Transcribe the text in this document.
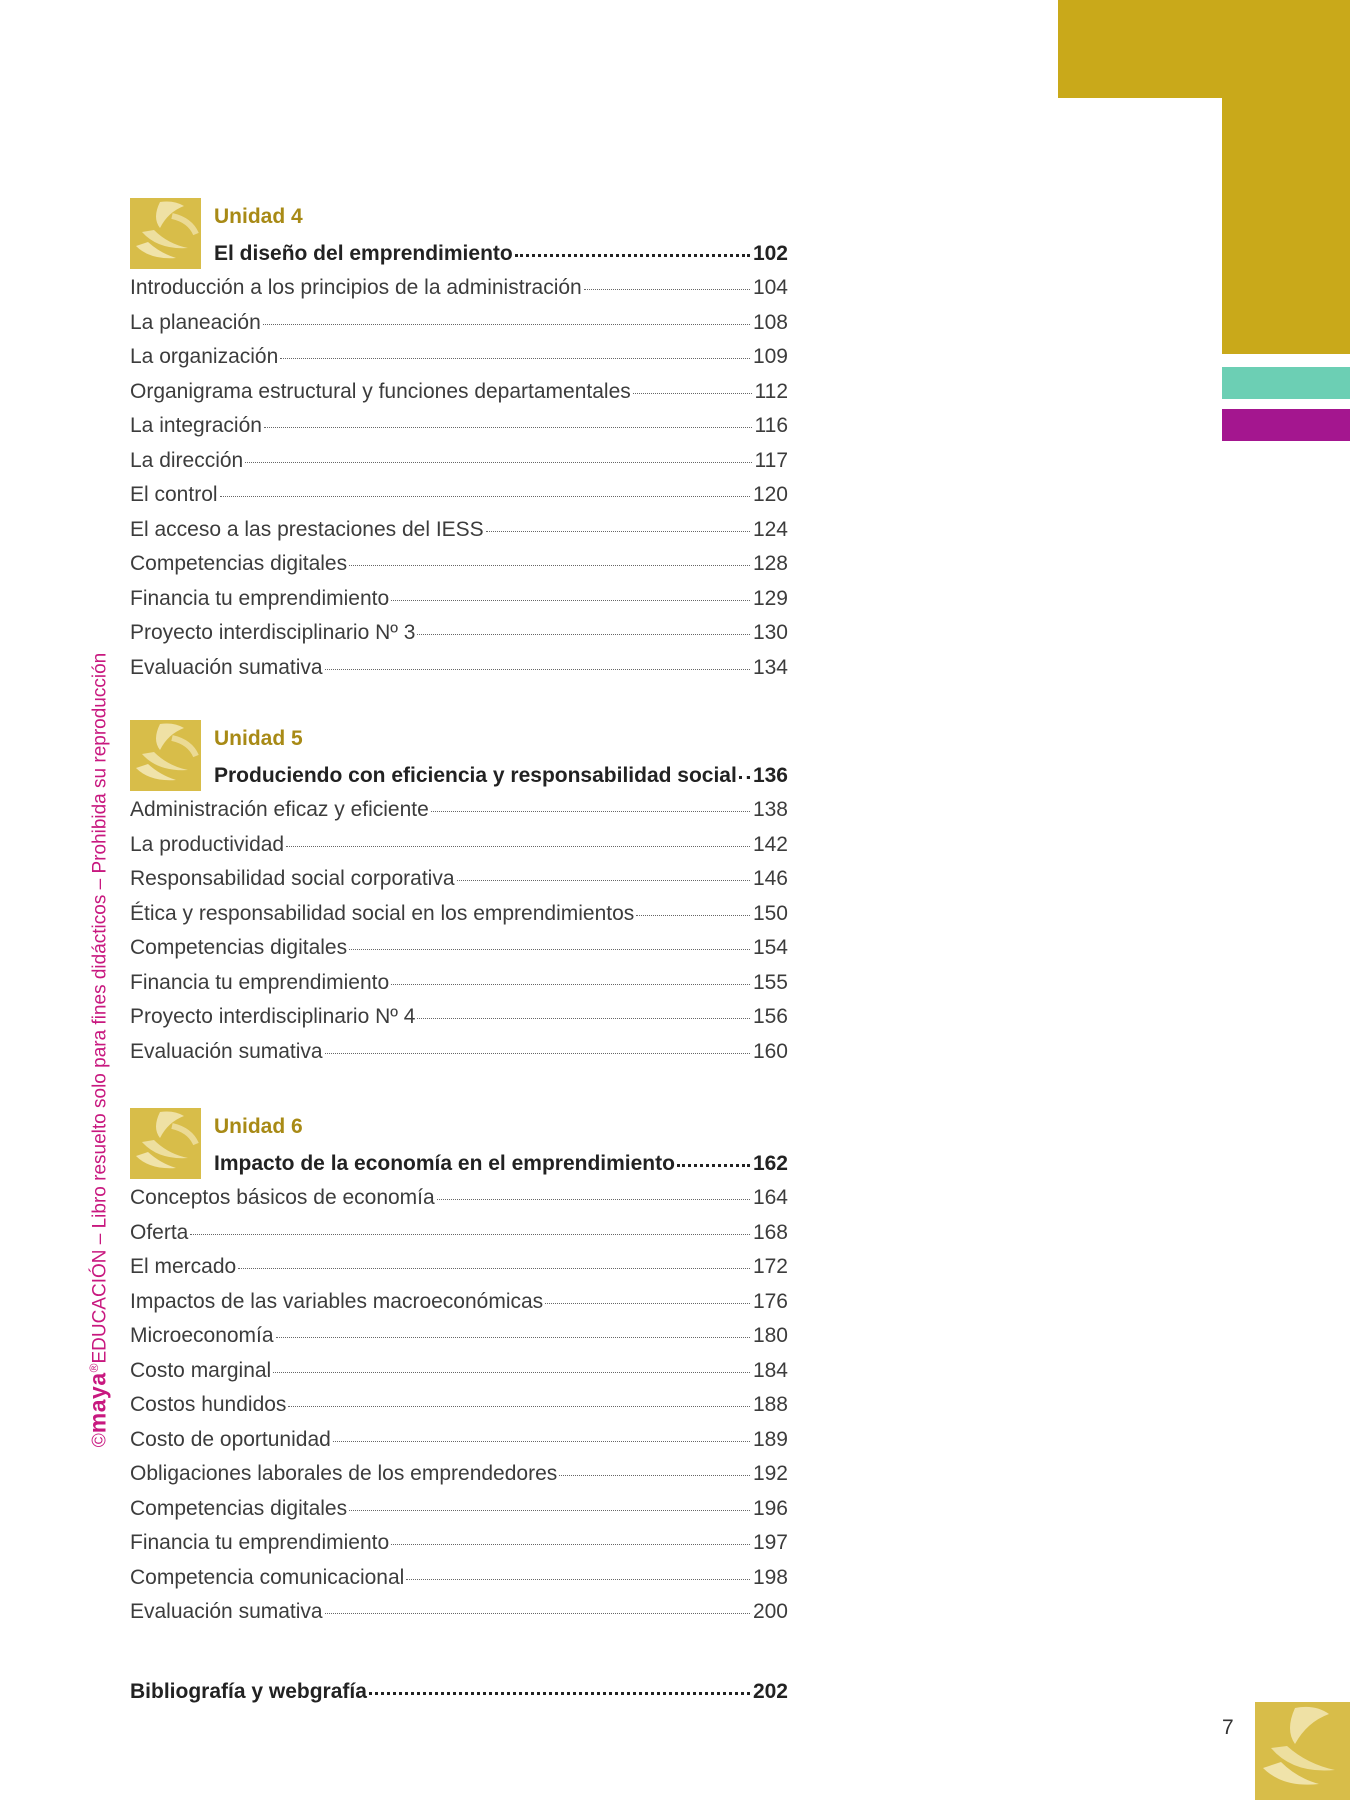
©maya®EDUCACIÓN – Libro resuelto solo para fines didácticos – Prohibida su reproducción
Unidad 4
El diseño del emprendimiento	102
Introducción a los principios de la administración	104
La planeación	108
La organización	109
Organigrama estructural y funciones departamentales	112
La integración	116
La dirección	117
El control	120
El acceso a las prestaciones del IESS	124
Competencias digitales	128
Financia tu emprendimiento	129
Proyecto interdisciplinario Nº 3	130
Evaluación sumativa	134
Unidad 5
Produciendo con eficiencia y responsabilidad social 136
Administración eficaz y eficiente	138
La productividad	142
Responsabilidad social corporativa	146
Ética y responsabilidad social en los emprendimientos	150
Competencias digitales	154
Financia tu emprendimiento	155
Proyecto interdisciplinario Nº 4	156
Evaluación sumativa	160
Unidad 6
Impacto de la economía en el emprendimiento	162
Conceptos básicos de economía	164
Oferta	168
El mercado	172
Impactos de las variables macroeconómicas	176
Microeconomía	180
Costo marginal	184
Costos hundidos	188
Costo de oportunidad	189
Obligaciones laborales de los emprendedores	192
Competencias digitales	196
Financia tu emprendimiento	197
Competencia comunicacional	198
Evaluación sumativa	200
Bibliografía y webgrafía	202
7
